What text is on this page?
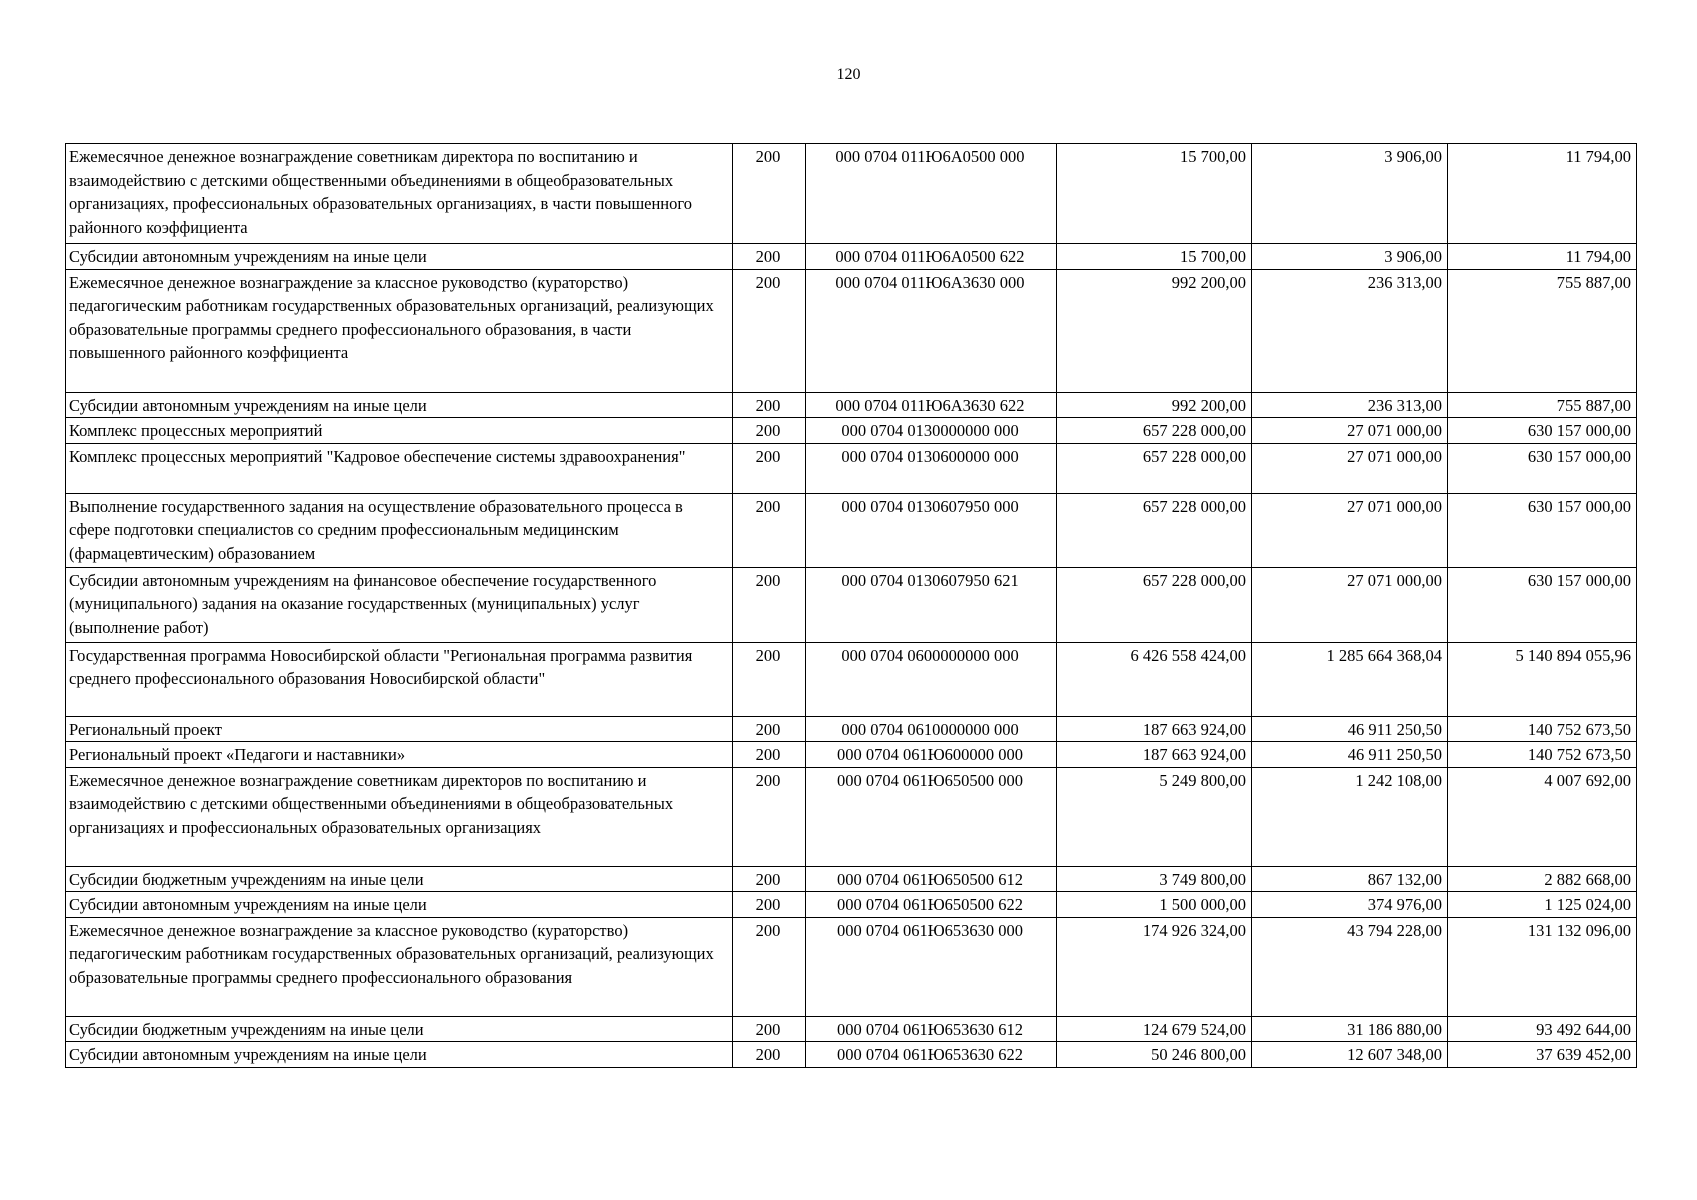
120
Ежемесячное денежное вознаграждение советникам директора по воспитанию и взаимодействию с детскими общественными объединениями в общеобразовательных организациях, профессиональных образовательных организациях, в части повышенного районного коэффициента	200	000 0704 011Ю6А0500 000	15 700,00	3 906,00	11 794,00
Субсидии автономным учреждениям на иные цели	200	000 0704 011Ю6А0500 622	15 700,00	3 906,00	11 794,00
Ежемесячное денежное вознаграждение за классное руководство (кураторство) педагогическим работникам государственных образовательных организаций, реализующих образовательные программы среднего профессионального образования, в части повышенного районного коэффициента	200	000 0704 011Ю6А3630 000	992 200,00	236 313,00	755 887,00
Субсидии автономным учреждениям на иные цели	200	000 0704 011Ю6А3630 622	992 200,00	236 313,00	755 887,00
Комплекс процессных мероприятий	200	000 0704 0130000000 000	657 228 000,00	27 071 000,00	630 157 000,00
Комплекс процессных мероприятий "Кадровое обеспечение системы здравоохранения"	200	000 0704 0130600000 000	657 228 000,00	27 071 000,00	630 157 000,00
Выполнение государственного задания на осуществление образовательного процесса в сфере подготовки специалистов со средним профессиональным медицинским (фармацевтическим) образованием	200	000 0704 0130607950 000	657 228 000,00	27 071 000,00	630 157 000,00
Субсидии автономным учреждениям на финансовое обеспечение государственного (муниципального) задания на оказание государственных (муниципальных) услуг (выполнение работ)	200	000 0704 0130607950 621	657 228 000,00	27 071 000,00	630 157 000,00
Государственная программа Новосибирской области "Региональная программа развития среднего профессионального образования Новосибирской области"	200	000 0704 0600000000 000	6 426 558 424,00	1 285 664 368,04	5 140 894 055,96
Региональный проект	200	000 0704 0610000000 000	187 663 924,00	46 911 250,50	140 752 673,50
Региональный проект «Педагоги и наставники»	200	000 0704 061Ю600000 000	187 663 924,00	46 911 250,50	140 752 673,50
Ежемесячное денежное вознаграждение советникам директоров по воспитанию и взаимодействию с детскими общественными объединениями в общеобразовательных организациях и профессиональных образовательных организациях	200	000 0704 061Ю650500 000	5 249 800,00	1 242 108,00	4 007 692,00
Субсидии бюджетным учреждениям на иные цели	200	000 0704 061Ю650500 612	3 749 800,00	867 132,00	2 882 668,00
Субсидии автономным учреждениям на иные цели	200	000 0704 061Ю650500 622	1 500 000,00	374 976,00	1 125 024,00
Ежемесячное денежное вознаграждение за классное руководство (кураторство) педагогическим работникам государственных образовательных организаций, реализующих образовательные программы среднего профессионального образования	200	000 0704 061Ю653630 000	174 926 324,00	43 794 228,00	131 132 096,00
Субсидии бюджетным учреждениям на иные цели	200	000 0704 061Ю653630 612	124 679 524,00	31 186 880,00	93 492 644,00
Субсидии автономным учреждениям на иные цели	200	000 0704 061Ю653630 622	50 246 800,00	12 607 348,00	37 639 452,00
